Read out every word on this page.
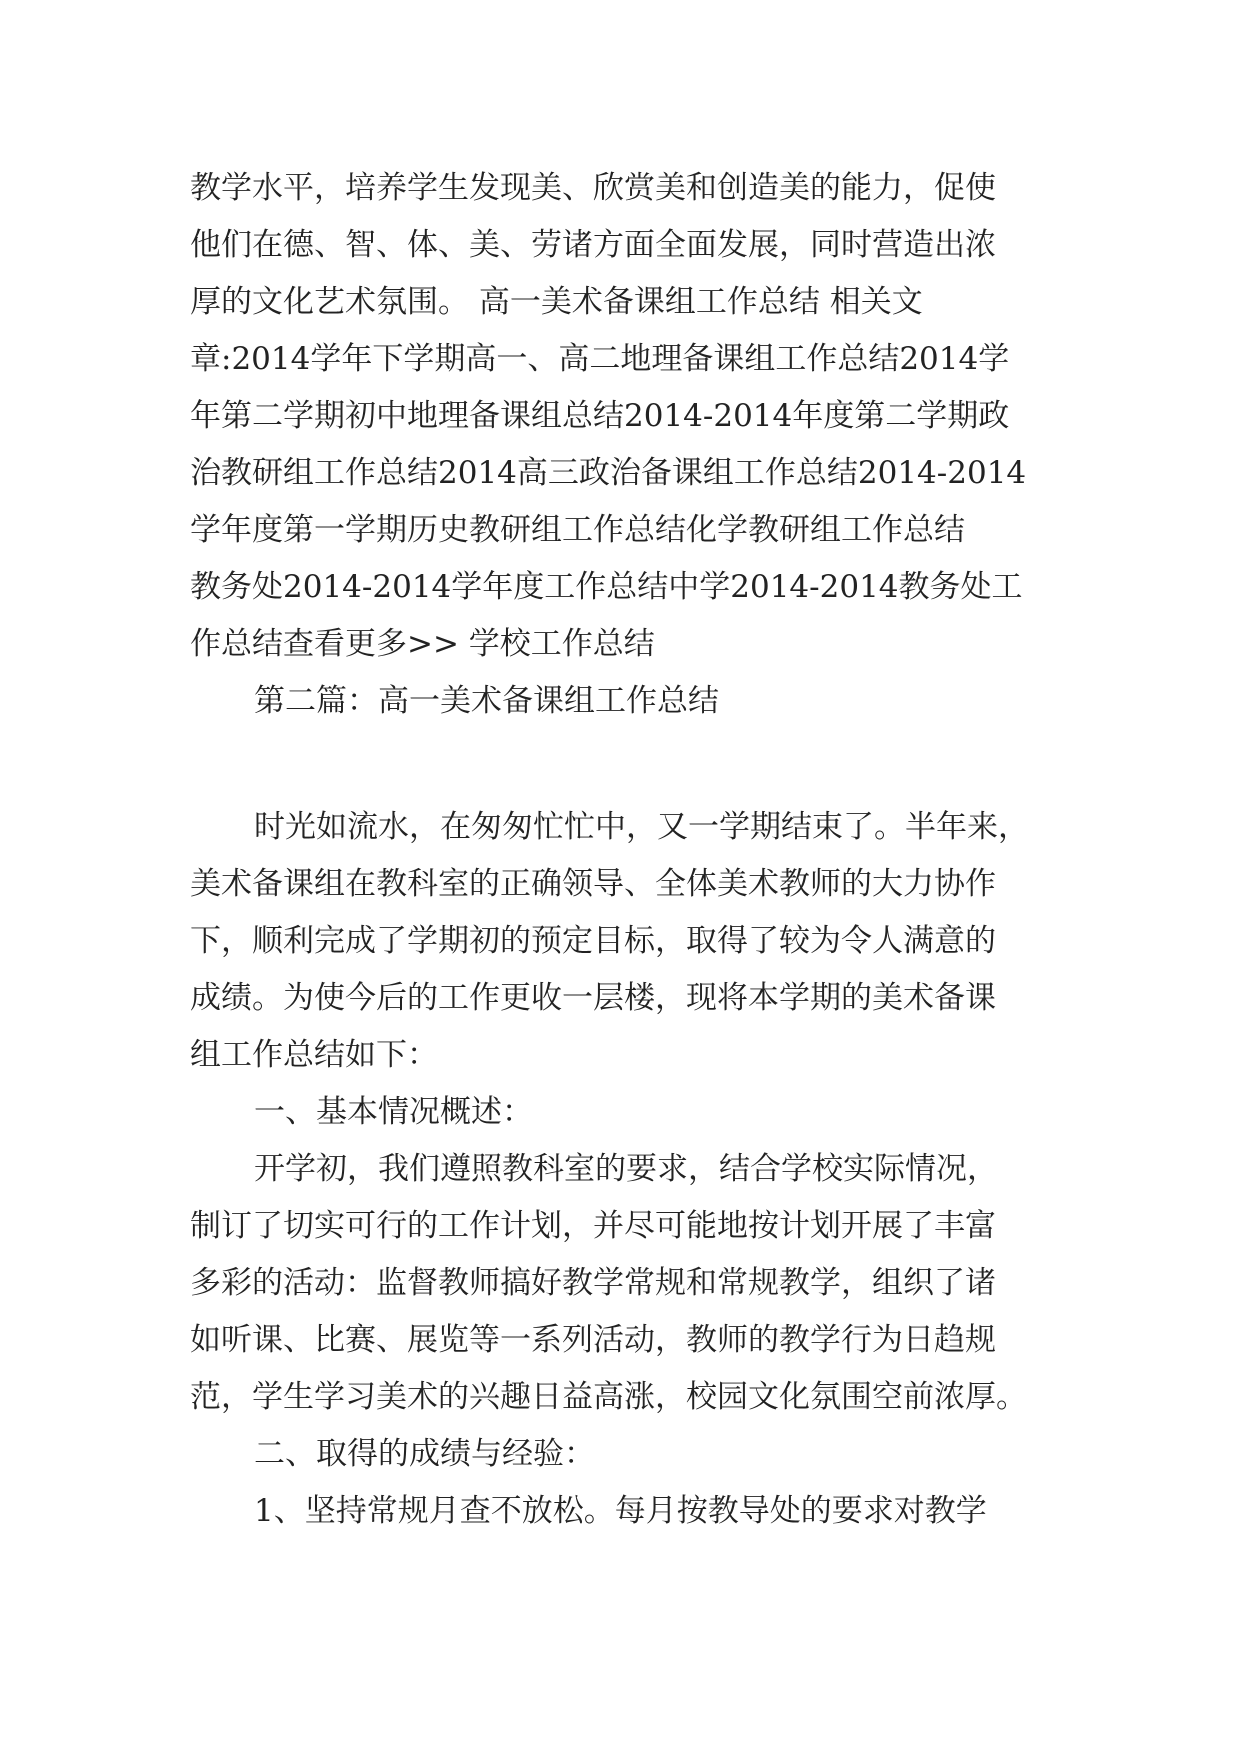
教学水平，培养学生发现美、欣赏美和创造美的能力，促使
他们在德、智、体、美、劳诸方面全面发展，同时营造出浓
厚的文化艺术氛围。 高一美术备课组工作总结 相关文
章:2014学年下学期高一、高二地理备课组工作总结2014学
年第二学期初中地理备课组总结2014-2014年度第二学期政
治教研组工作总结2014高三政治备课组工作总结2014-2014
学年度第一学期历史教研组工作总结化学教研组工作总结
教务处2014-2014学年度工作总结中学2014-2014教务处工
作总结查看更多>> 学校工作总结
第二篇：高一美术备课组工作总结
时光如流水，在匆匆忙忙中，又一学期结束了。半年来，
美术备课组在教科室的正确领导、全体美术教师的大力协作
下，顺利完成了学期初的预定目标，取得了较为令人满意的
成绩。为使今后的工作更收一层楼，现将本学期的美术备课
组工作总结如下：
一、基本情况概述：
开学初，我们遵照教科室的要求，结合学校实际情况，
制订了切实可行的工作计划，并尽可能地按计划开展了丰富
多彩的活动：监督教师搞好教学常规和常规教学，组织了诸
如听课、比赛、展览等一系列活动，教师的教学行为日趋规
范，学生学习美术的兴趣日益高涨，校园文化氛围空前浓厚。
二、取得的成绩与经验：
1、坚持常规月查不放松。每月按教导处的要求对教学
